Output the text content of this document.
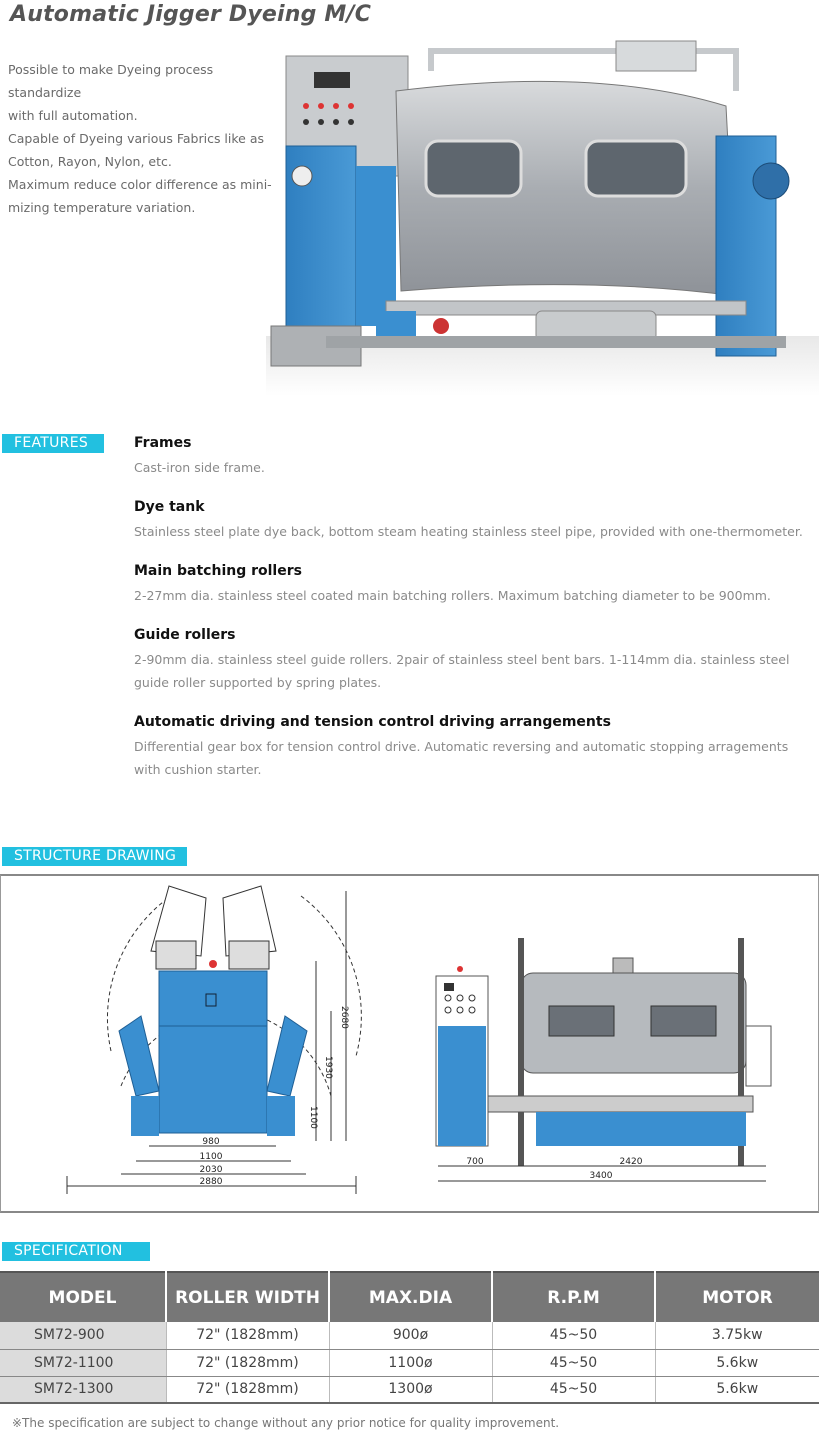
Automatic Jigger Dyeing M/C

Possible to make Dyeing process standardize

with full automation.

Capable of Dyeing various Fabrics like as

Cotton, Rayon, Nylon, etc.

Maximum reduce color difference as mini-

mizing temperature variation.

FEATURES	Frames

Cast-iron side frame.

Dye tank

Stainless steel plate dye back, bottom steam heating stainless steel pipe, provided with one-thermometer.

Main batching rollers

2-27mm dia. stainless steel coated main batching rollers. Maximum batching diameter to be 900mm.

Guide rollers

2-90mm dia. stainless steel guide rollers. 2pair of stainless steel bent bars. 1-114mm dia. stainless steel guide roller supported by spring plates.

Automatic driving and tension control driving arrangements

Differential gear box for tension control drive. Automatic reversing and automatic stopping arragements with cushion starter.

STRUCTURE DRAWING
980
1100
2030
2880
1100
1930
2680
700	2420
3400
SPECIFICATION
MODEL	ROLLER WIDTH	MAX.DIA	R.P.M	MOTOR
SM72-900	72" (1828mm)	900ø	45~50	3.75kw
SM72-1100	72" (1828mm)	1100ø	45~50	5.6kw
SM72-1300	72" (1828mm)	1300ø	45~50	5.6kw
※The specification are subject to change without any prior notice for quality improvement.
